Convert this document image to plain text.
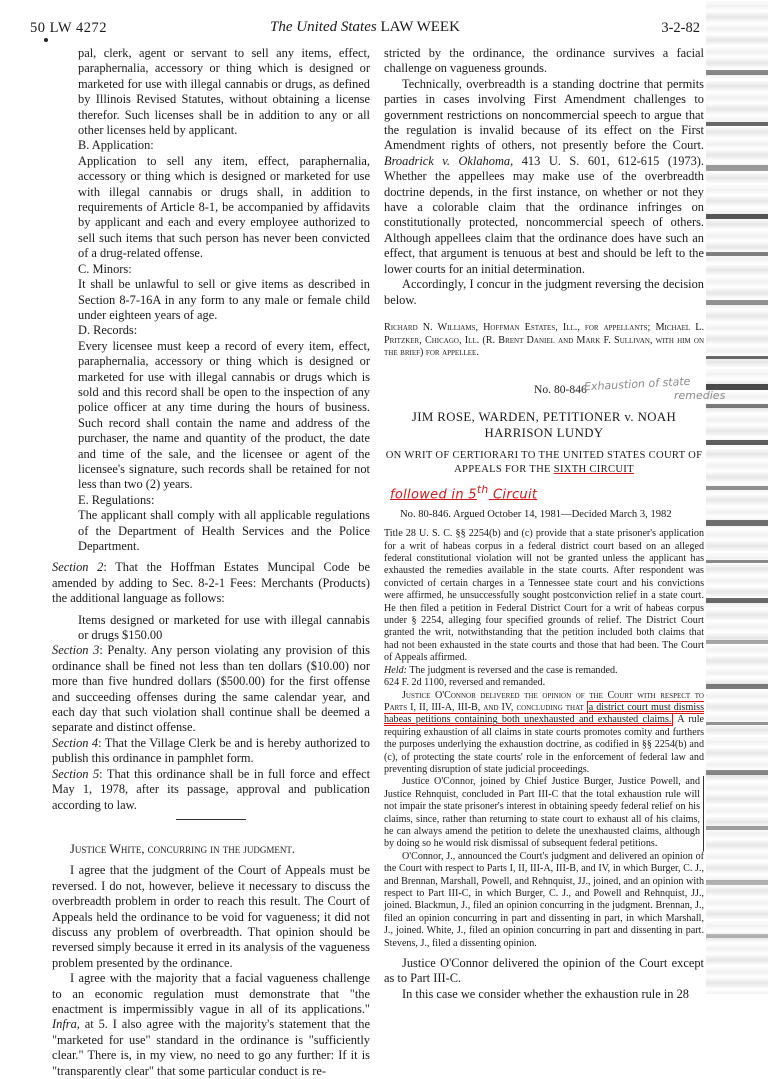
50 LW 4272	The United States LAW WEEK	3-2-82

pal, clerk, agent or servant to sell any items, effect, paraphernalia, accessory or thing which is designed or marketed for use with illegal cannabis or drugs, as defined by Illinois Revised Statutes, without obtaining a license therefor. Such licenses shall be in addition to any or all other licenses held by applicant.

B. Application:

Application to sell any item, effect, paraphernalia, accessory or thing which is designed or marketed for use with illegal cannabis or drugs shall, in addition to requirements of Article 8-1, be accompanied by affidavits by applicant and each and every employee authorized to sell such items that such person has never been convicted of a drug-related offense.

C. Minors:

It shall be unlawful to sell or give items as described in Section 8-7-16A in any form to any male or female child under eighteen years of age.

D. Records:

Every licensee must keep a record of every item, effect, paraphernalia, accessory or thing which is designed or marketed for use with illegal cannabis or drugs which is sold and this record shall be open to the inspection of any police officer at any time during the hours of business. Such record shall contain the name and address of the purchaser, the name and quantity of the product, the date and time of the sale, and the licensee or agent of the licensee's signature, such records shall be retained for not less than two (2) years.

E. Regulations:

The applicant shall comply with all applicable regulations of the Department of Health Services and the Police Department.

Section 2: That the Hoffman Estates Muncipal Code be amended by adding to Sec. 8-2-1 Fees: Merchants (Products) the additional language as follows:

Items designed or marketed for use with illegal cannabis or drugs $150.00

Section 3: Penalty. Any person violating any provision of this ordinance shall be fined not less than ten dollars ($10.00) nor more than five hundred dollars ($500.00) for the first offense and succeeding offenses during the same calendar year, and each day that such violation shall continue shall be deemed a separate and distinct offense.

Section 4: That the Village Clerk be and is hereby authorized to publish this ordinance in pamphlet form.

Section 5: That this ordinance shall be in full force and effect May 1, 1978, after its passage, approval and publication according to law.

Justice White, concurring in the judgment.

I agree that the judgment of the Court of Appeals must be reversed. I do not, however, believe it necessary to discuss the overbreadth problem in order to reach this result. The Court of Appeals held the ordinance to be void for vagueness; it did not discuss any problem of overbreadth. That opinion should be reversed simply because it erred in its analysis of the vagueness problem presented by the ordinance.

I agree with the majority that a facial vagueness challenge to an economic regulation must demonstrate that "the enactment is impermissibly vague in all of its applications." Infra, at 5. I also agree with the majority's statement that the "marketed for use" standard in the ordinance is "sufficiently clear." There is, in my view, no need to go any further: If it is "transparently clear" that some particular conduct is re-

stricted by the ordinance, the ordinance survives a facial challenge on vagueness grounds.

Technically, overbreadth is a standing doctrine that permits parties in cases involving First Amendment challenges to government restrictions on noncommercial speech to argue that the regulation is invalid because of its effect on the First Amendment rights of others, not presently before the Court. Broadrick v. Oklahoma, 413 U. S. 601, 612-615 (1973). Whether the appellees may make use of the overbreadth doctrine depends, in the first instance, on whether or not they have a colorable claim that the ordinance infringes on constitutionally protected, noncommercial speech of others. Although appellees claim that the ordinance does have such an effect, that argument is tenuous at best and should be left to the lower courts for an initial determination.

Accordingly, I concur in the judgment reversing the decision below.

Richard N. Williams, Hoffman Estates, Ill., for appellants; Michael L. Pritzker, Chicago, Ill. (R. Brent Daniel and Mark F. Sullivan, with him on the brief) for appellee.

No. 80-846
Exhaustion of state
remedies

JIM ROSE, WARDEN, PETITIONER v. NOAH HARRISON LUNDY

ON WRIT OF CERTIORARI TO THE UNITED STATES COURT OF APPEALS FOR THE SIXTH CIRCUIT

followed in 5th Circuit

No. 80-846. Argued October 14, 1981—Decided March 3, 1982

Title 28 U. S. C. §§ 2254(b) and (c) provide that a state prisoner's application for a writ of habeas corpus in a federal district court based on an alleged federal constitutional violation will not be granted unless the applicant has exhausted the remedies available in the state courts. After respondent was convicted of certain charges in a Tennessee state court and his convictions were affirmed, he unsuccessfully sought postconviction relief in a state court. He then filed a petition in Federal District Court for a writ of habeas corpus under § 2254, alleging four specified grounds of relief. The District Court granted the writ, notwithstanding that the petition included both claims that had not been exhausted in the state courts and those that had been. The Court of Appeals affirmed.

Held: The judgment is reversed and the case is remanded.

624 F. 2d 1100, reversed and remanded.

Justice O'Connor delivered the opinion of the Court with respect to Parts I, II, III-A, III-B, and IV, concluding that a district court must dismiss habeas petitions containing both unexhausted and exhausted claims. A rule requiring exhaustion of all claims in state courts promotes comity and furthers the purposes underlying the exhaustion doctrine, as codified in §§ 2254(b) and (c), of protecting the state courts' role in the enforcement of federal law and preventing disruption of state judicial proceedings.

Justice O'Connor, joined by Chief Justice Burger, Justice Powell, and Justice Rehnquist, concluded in Part III-C that the total exhaustion rule will not impair the state prisoner's interest in obtaining speedy federal relief on his claims, since, rather than returning to state court to exhaust all of his claims, he can always amend the petition to delete the unexhausted claims, although by doing so he would risk dismissal of subsequent federal petitions.

O'Connor, J., announced the Court's judgment and delivered an opinion of the Court with respect to Parts I, II, III-A, III-B, and IV, in which Burger, C. J., and Brennan, Marshall, Powell, and Rehnquist, JJ., joined, and an opinion with respect to Part III-C, in which Burger, C. J., and Powell and Rehnquist, JJ., joined. Blackmun, J., filed an opinion concurring in the judgment. Brennan, J., filed an opinion concurring in part and dissenting in part, in which Marshall, J., joined. White, J., filed an opinion concurring in part and dissenting in part. Stevens, J., filed a dissenting opinion.

Justice O'Connor delivered the opinion of the Court except as to Part III-C.

In this case we consider whether the exhaustion rule in 28
